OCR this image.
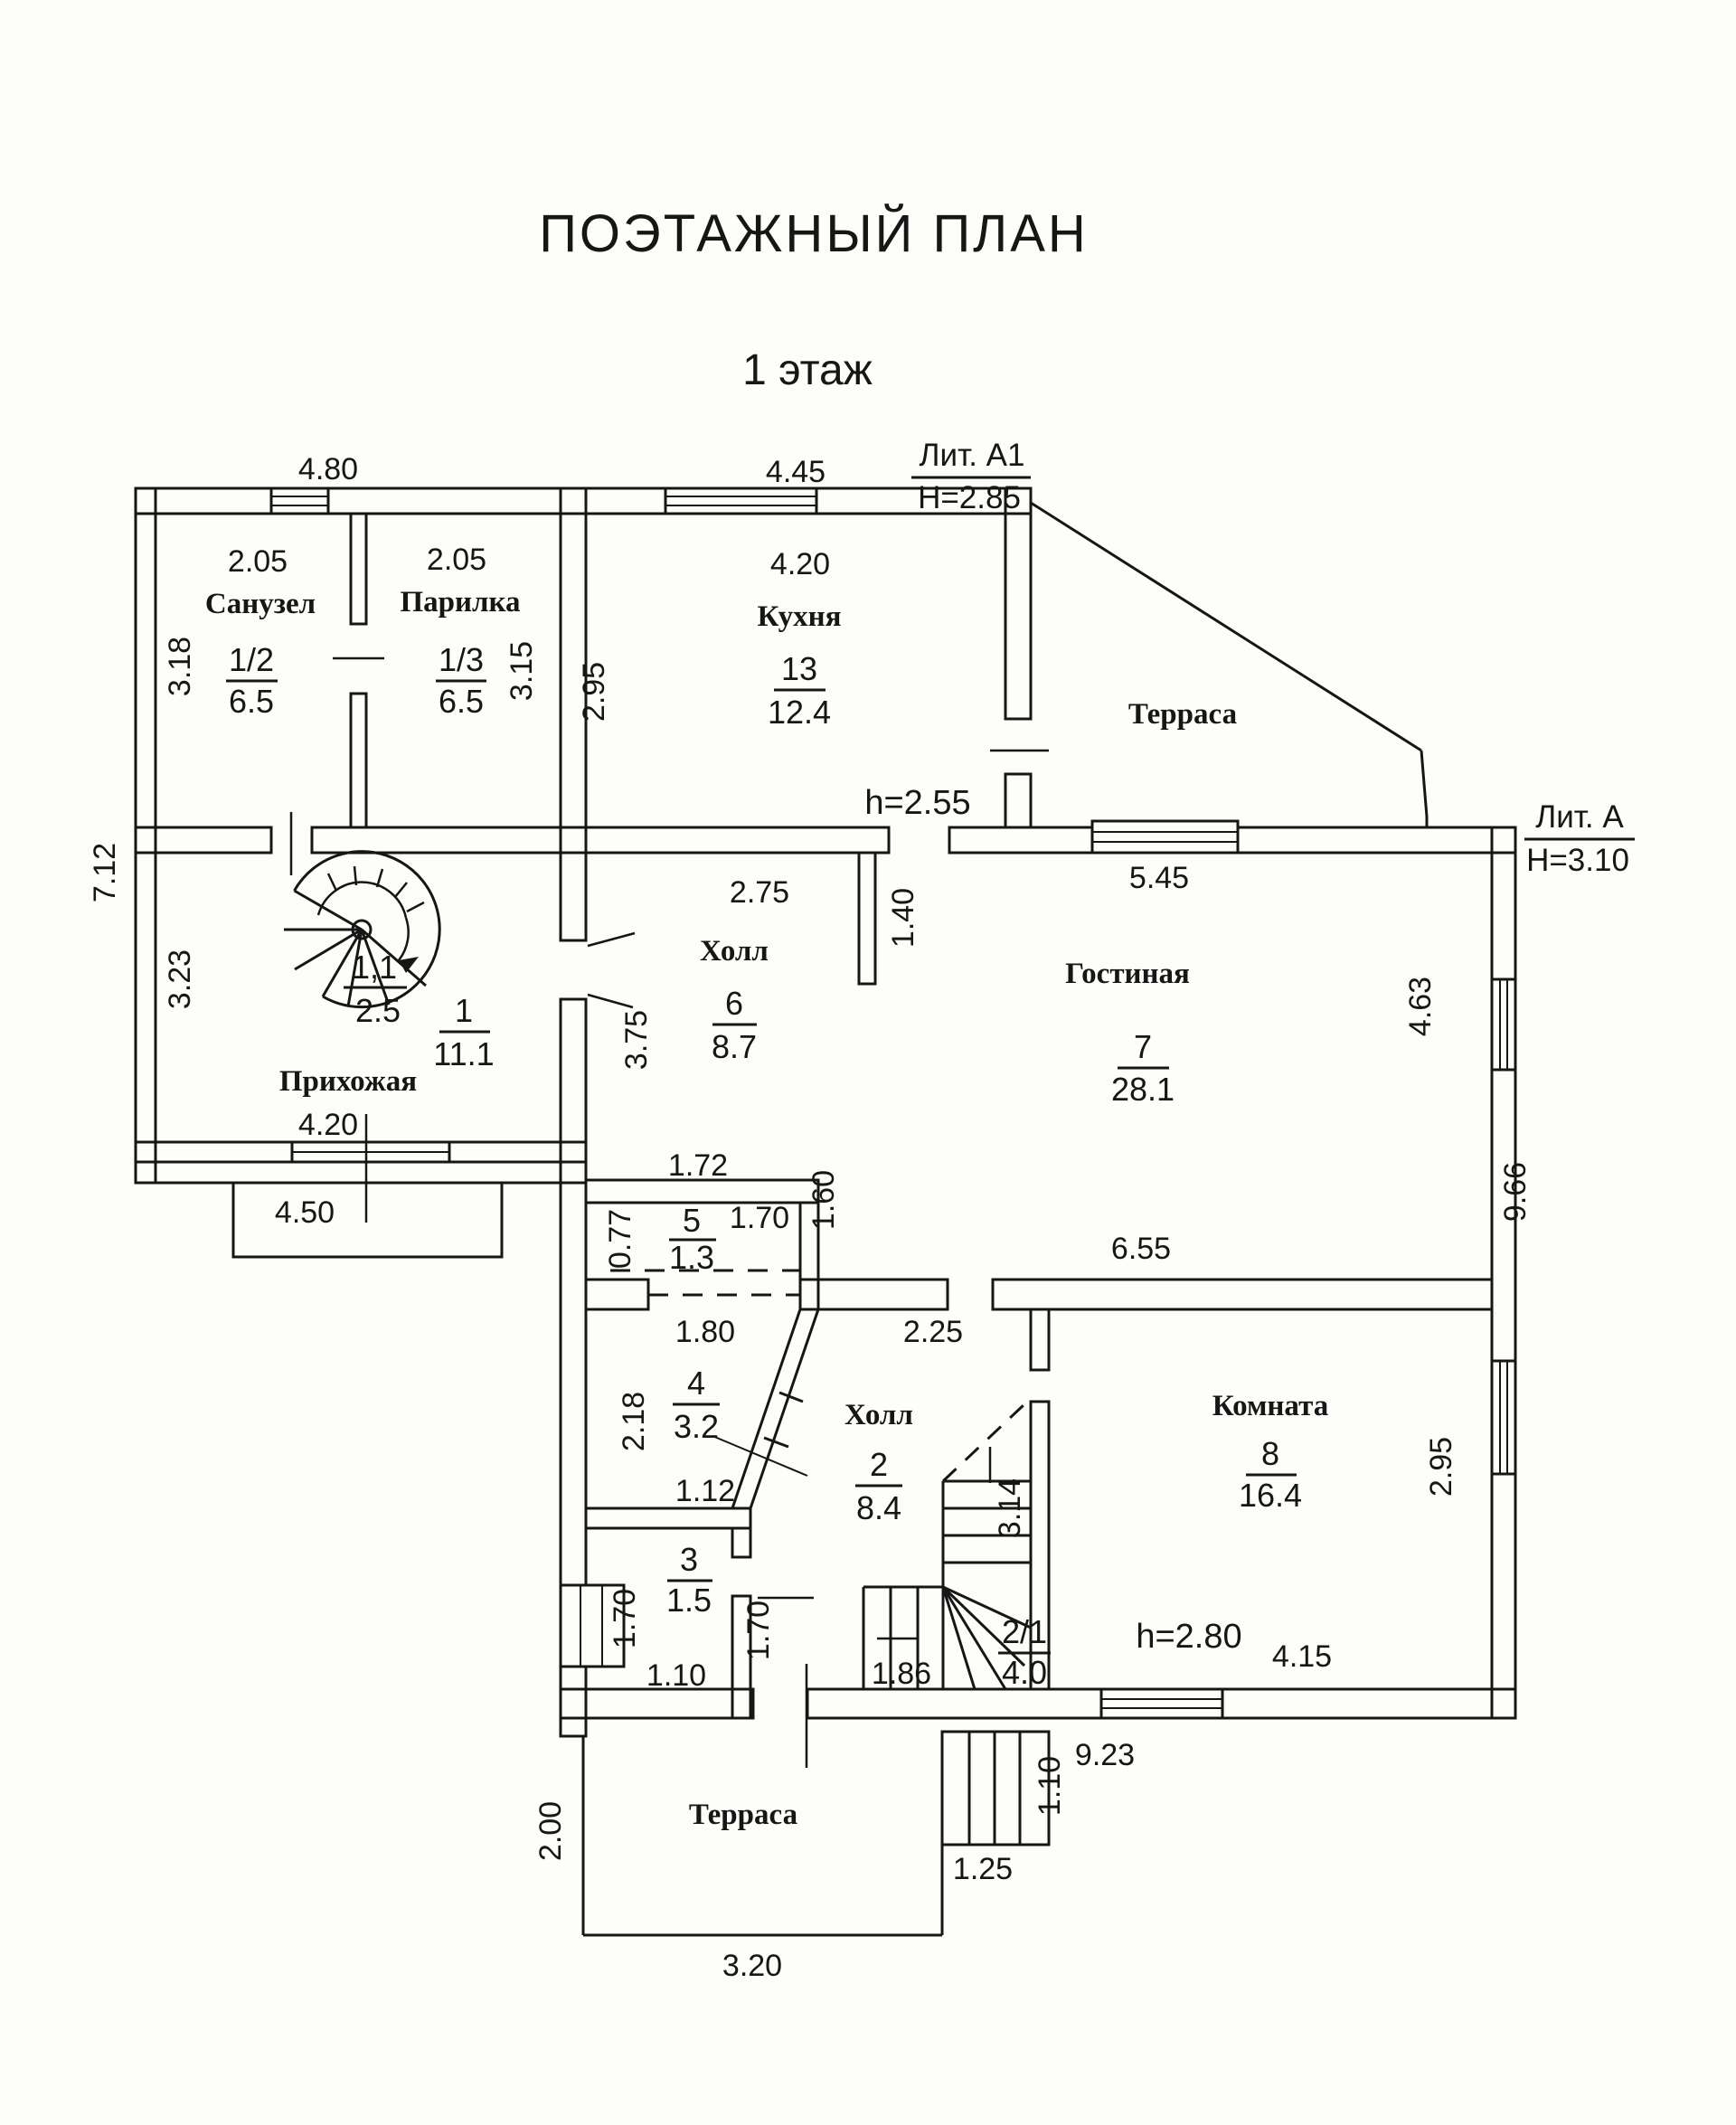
ПОЭТАЖНЫЙ ПЛАН
1 этаж
Лит. А1
Н=2.85
Лит. А
Н=3.10
Санузел	Парилка	Кухня
Терраса
Холл
Гостиная
Прихожая
Холл	Комната
Терраса
1/2
6.5
1/3
6.5
13
12.4
6
8.7	7
28.1
1
11.1
1,1
2.5
5
1.3
4
3.2
2
8.4
3
1.5
2/1
4.0
8
16.4
h=2.55
h=2.80
4.80
2.05	2.05
4.45
4.20
5.45
2.75
4.20
4.50
1.72
1.70
6.55
1.80	2.25
1.12
1.10	1.86	4.15
9.23
1.25
3.20
3.18	3.15 2.95
7.12
3.23
1.40
3.75
4.63
0.77
1.60	9.66
2.18
1.70	1.70
3.14
2.95
1.10
2.00
